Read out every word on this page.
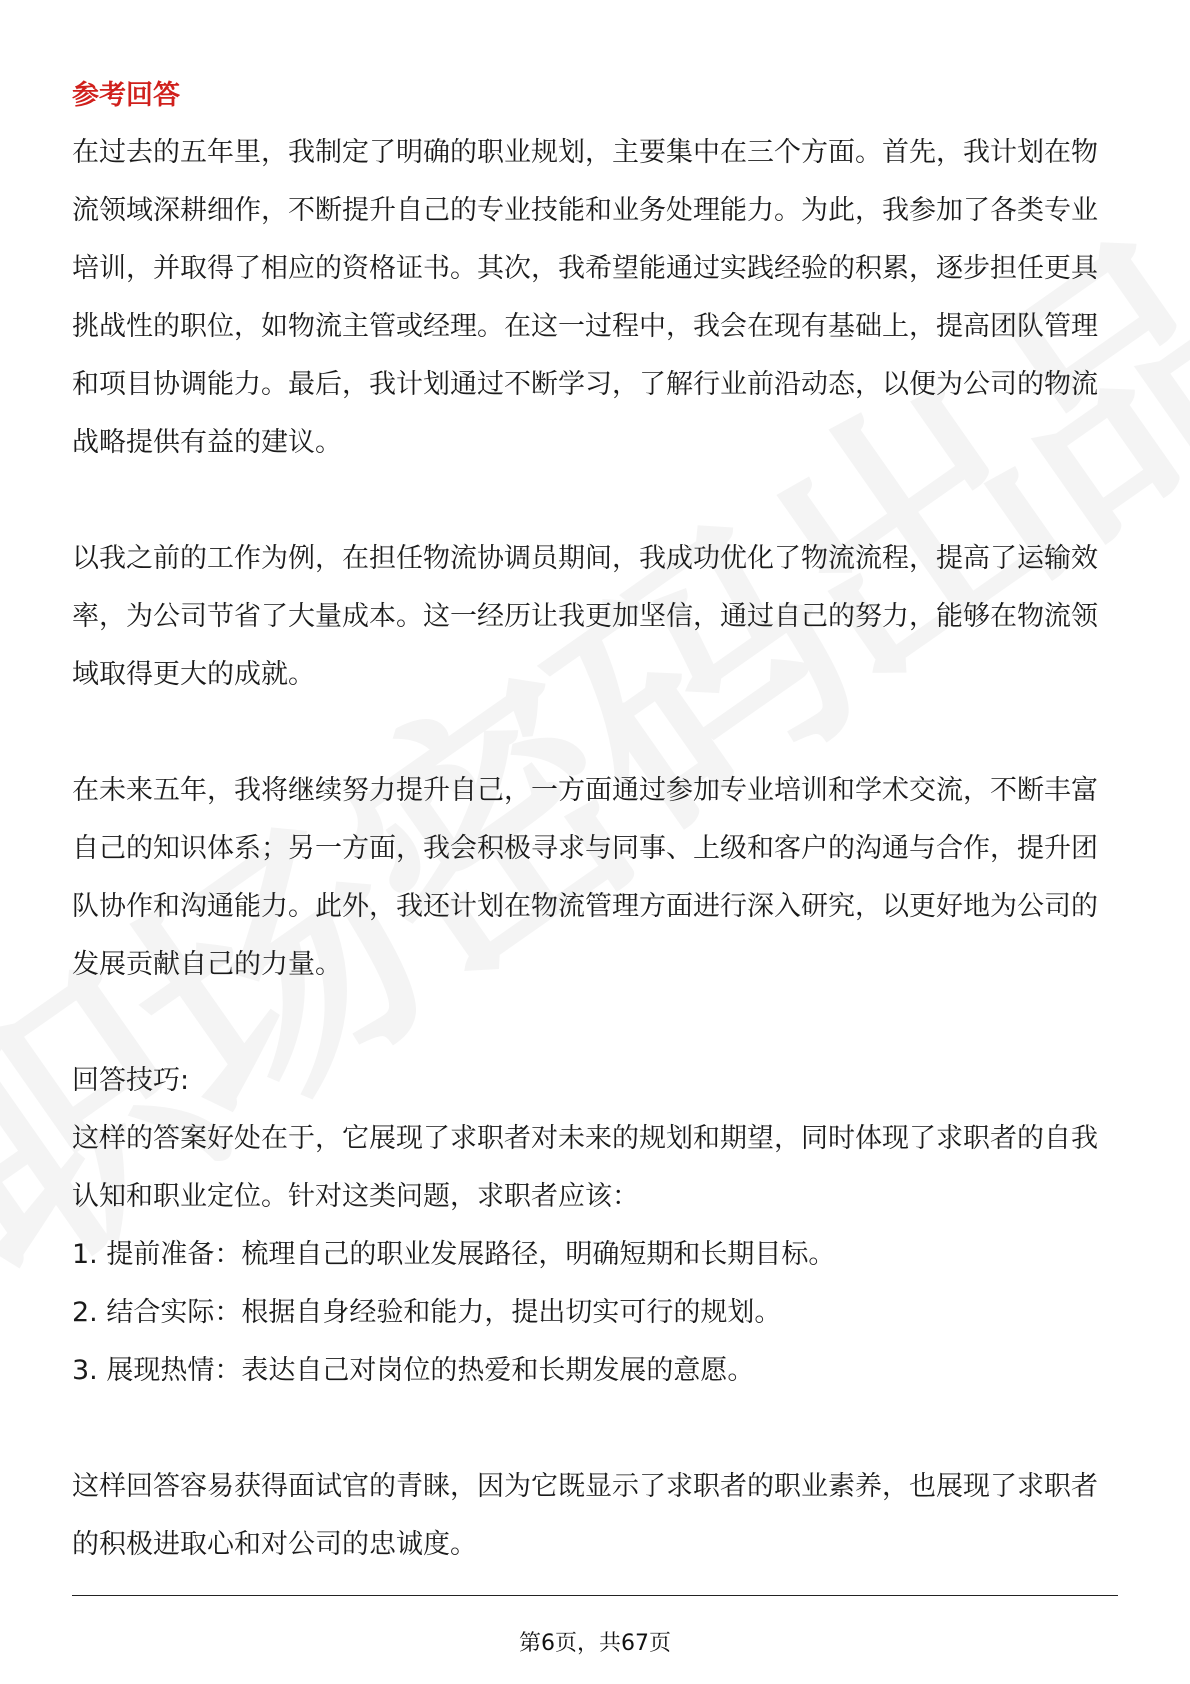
参考回答

在过去的五年里，我制定了明确的职业规划，主要集中在三个方面。首先，我计划在物流领域深耕细作，不断提升自己的专业技能和业务处理能力。为此，我参加了各类专业培训，并取得了相应的资格证书。其次，我希望能通过实践经验的积累，逐步担任更具挑战性的职位，如物流主管或经理。在这一过程中，我会在现有基础上，提高团队管理和项目协调能力。最后，我计划通过不断学习，了解行业前沿动态，以便为公司的物流战略提供有益的建议。

以我之前的工作为例，在担任物流协调员期间，我成功优化了物流流程，提高了运输效率，为公司节省了大量成本。这一经历让我更加坚信，通过自己的努力，能够在物流领域取得更大的成就。

在未来五年，我将继续努力提升自己，一方面通过参加专业培训和学术交流，不断丰富自己的知识体系；另一方面，我会积极寻求与同事、上级和客户的沟通与合作，提升团队协作和沟通能力。此外，我还计划在物流管理方面进行深入研究，以更好地为公司的发展贡献自己的力量。

回答技巧:

这样的答案好处在于，它展现了求职者对未来的规划和期望，同时体现了求职者的自我认知和职业定位。针对这类问题，求职者应该：

1. 提前准备：梳理自己的职业发展路径，明确短期和长期目标。

2. 结合实际：根据自身经验和能力，提出切实可行的规划。

3. 展现热情：表达自己对岗位的热爱和长期发展的意愿。

这样回答容易获得面试官的青睐，因为它既显示了求职者的职业素养，也展现了求职者的积极进取心和对公司的忠诚度。

第6页，共67页
